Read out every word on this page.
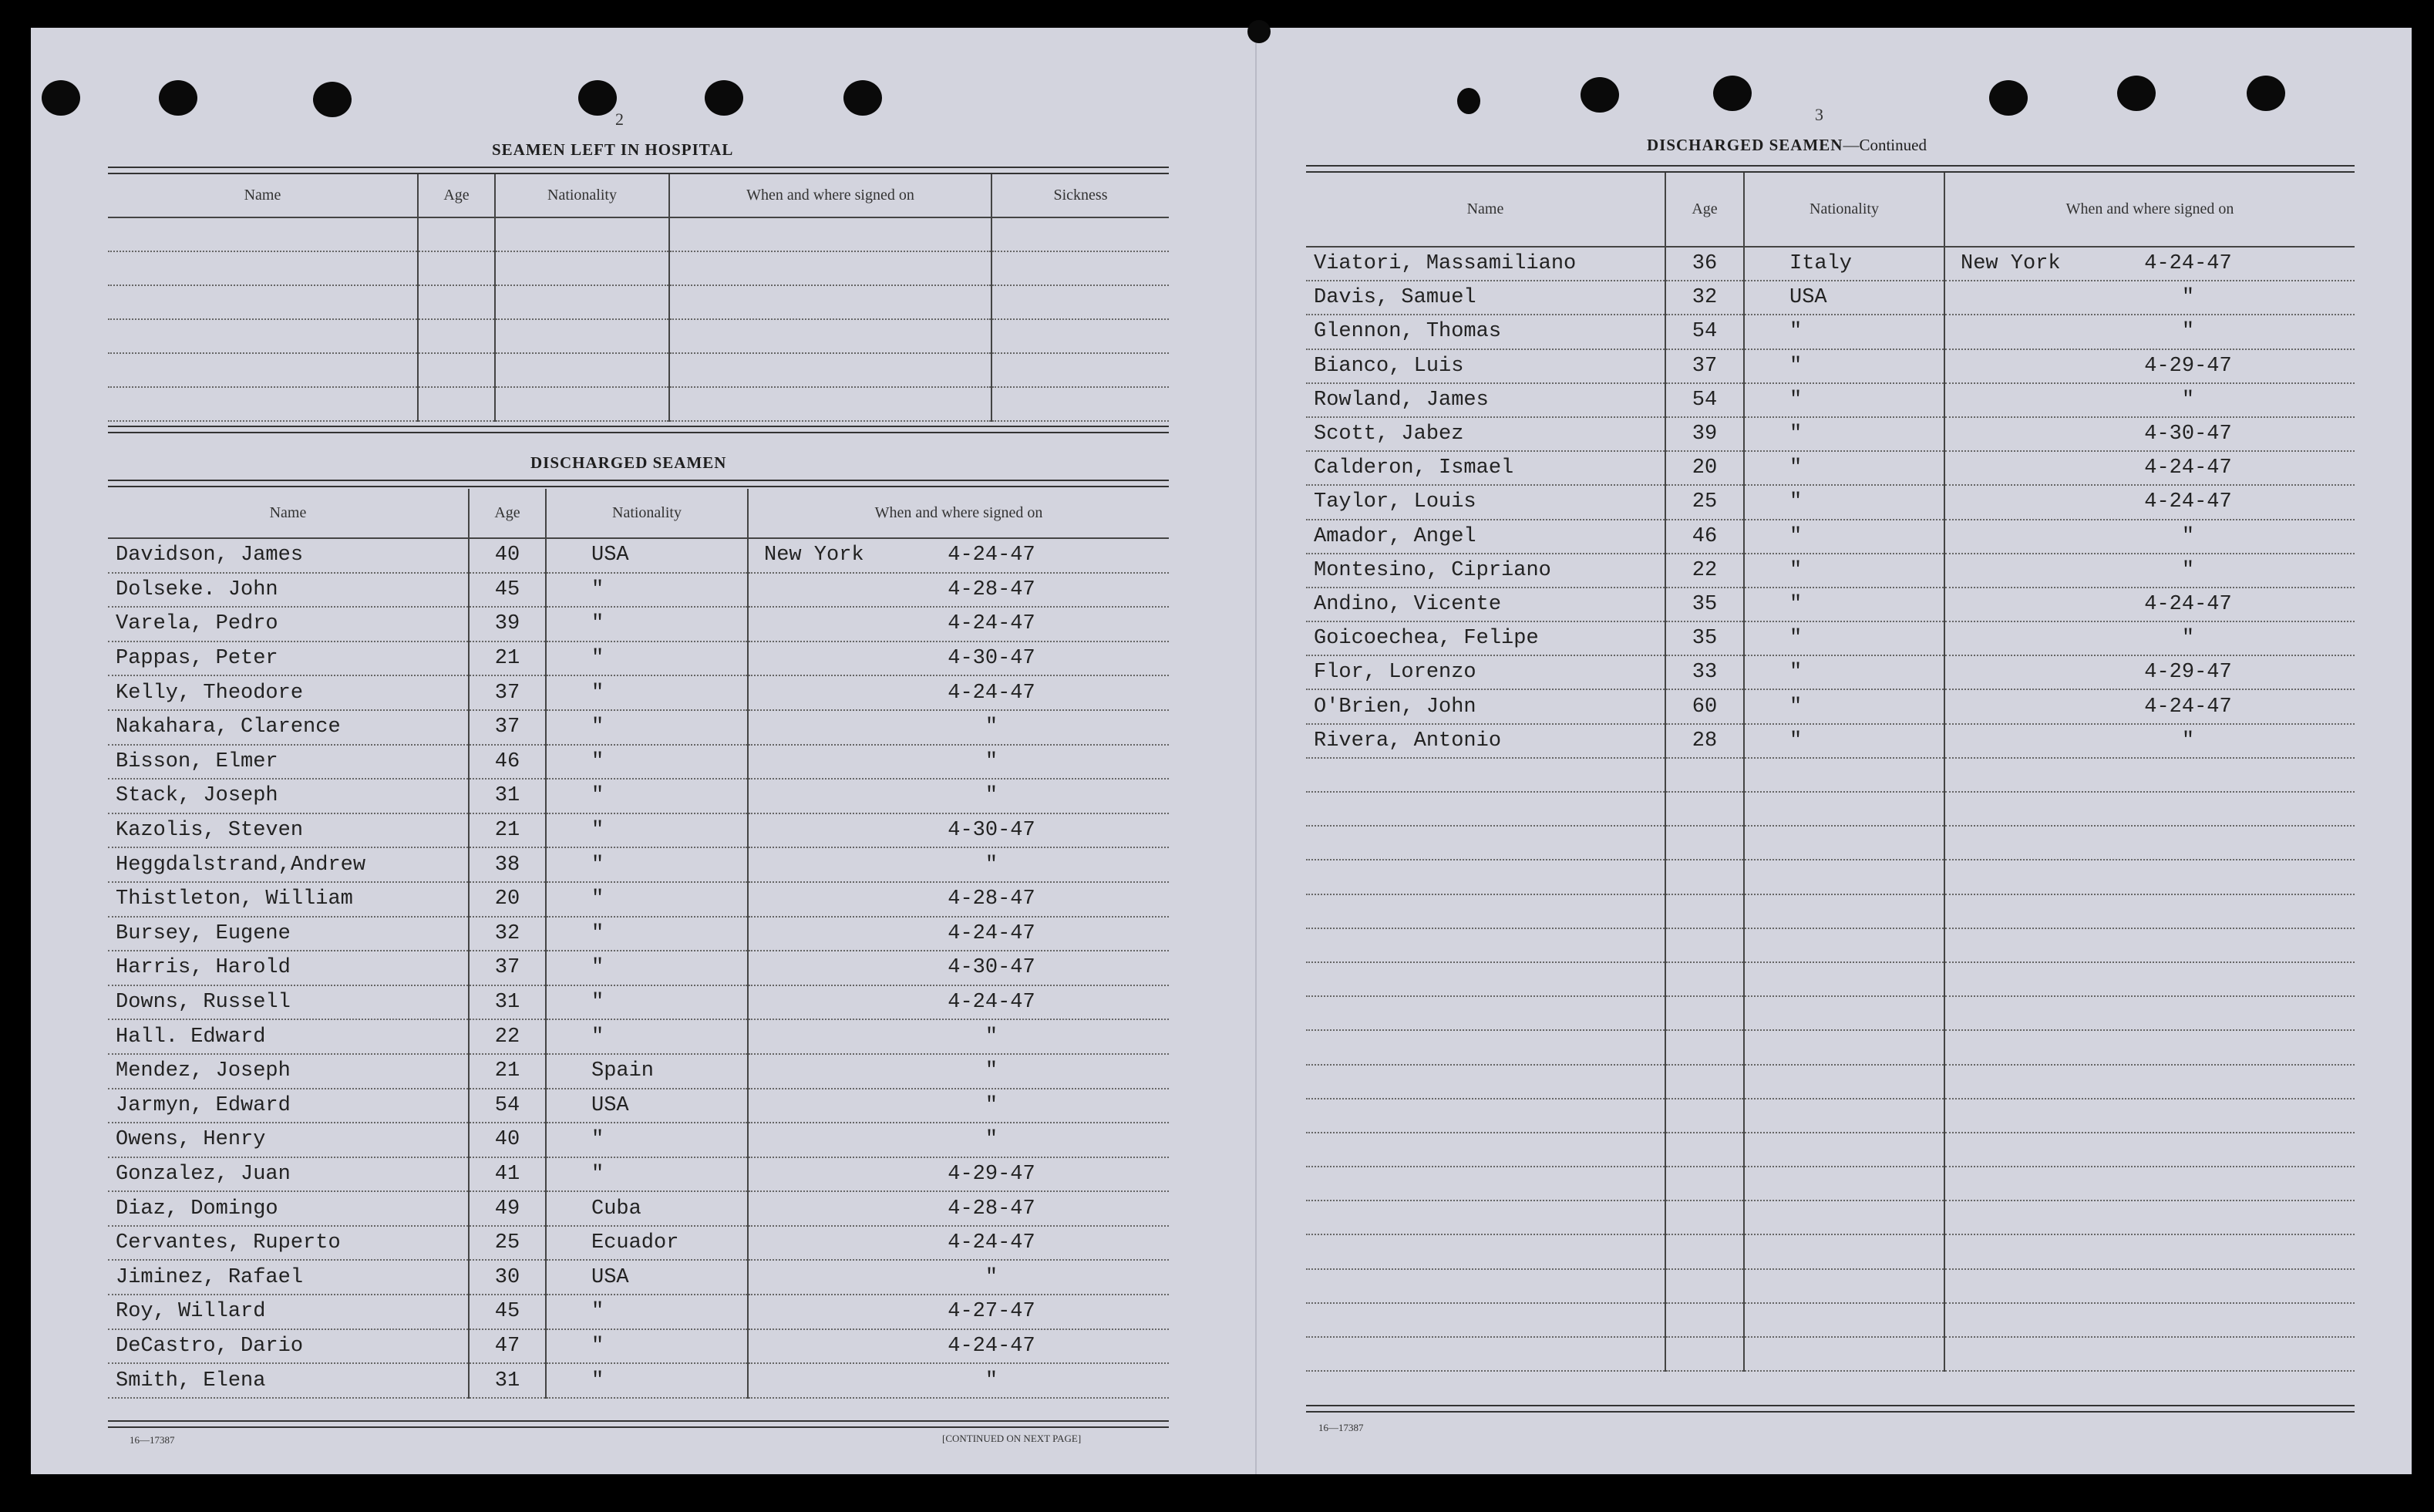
2
SEAMEN LEFT IN HOSPITAL
Name	Age	Nationality	When and where signed on	Sickness

DISCHARGED SEAMEN
Name	Age	Nationality	When and where signed on
Davidson, James	40	USA	New York 4-24-47
Dolseke. John	45	"	4-28-47
Varela, Pedro	39	"	4-24-47
Pappas, Peter	21	"	4-30-47
Kelly, Theodore	37	"	4-24-47
Nakahara, Clarence	37	"	"
Bisson, Elmer	46	"	"
Stack, Joseph	31	"	"
Kazolis, Steven	21	"	4-30-47
Heggdalstrand,Andrew	38	"	"
Thistleton, William	20	"	4-28-47
Bursey, Eugene	32	"	4-24-47
Harris, Harold	37	"	4-30-47
Downs, Russell	31	"	4-24-47
Hall. Edward	22	"	"
Mendez, Joseph	21	Spain	"
Jarmyn, Edward	54	USA	"
Owens, Henry	40	"	"
Gonzalez, Juan	41	"	4-29-47
Diaz, Domingo	49	Cuba	4-28-47
Cervantes, Ruperto	25	Ecuador	4-24-47
Jiminez, Rafael	30	USA	"
Roy, Willard	45	"	4-27-47
DeCastro, Dario	47	"	4-24-47
Smith, Elena	31	"	"
16—17387	[CONTINUED ON NEXT PAGE]
3
DISCHARGED SEAMEN—Continued
Name	Age	Nationality	When and where signed on
Viatori, Massamiliano	36	Italy	New York 4-24-47
Davis, Samuel	32	USA	"
Glennon, Thomas	54	"	"
Bianco, Luis	37	"	4-29-47
Rowland, James	54	"	"
Scott, Jabez	39	"	4-30-47
Calderon, Ismael	20	"	4-24-47
Taylor, Louis	25	"	4-24-47
Amador, Angel	46	"	"
Montesino, Cipriano	22	"	"
Andino, Vicente	35	"	4-24-47
Goicoechea, Felipe	35	"	"
Flor, Lorenzo	33	"	4-29-47
O'Brien, John	60	"	4-24-47
Rivera, Antonio	28	"	"

16—17387
